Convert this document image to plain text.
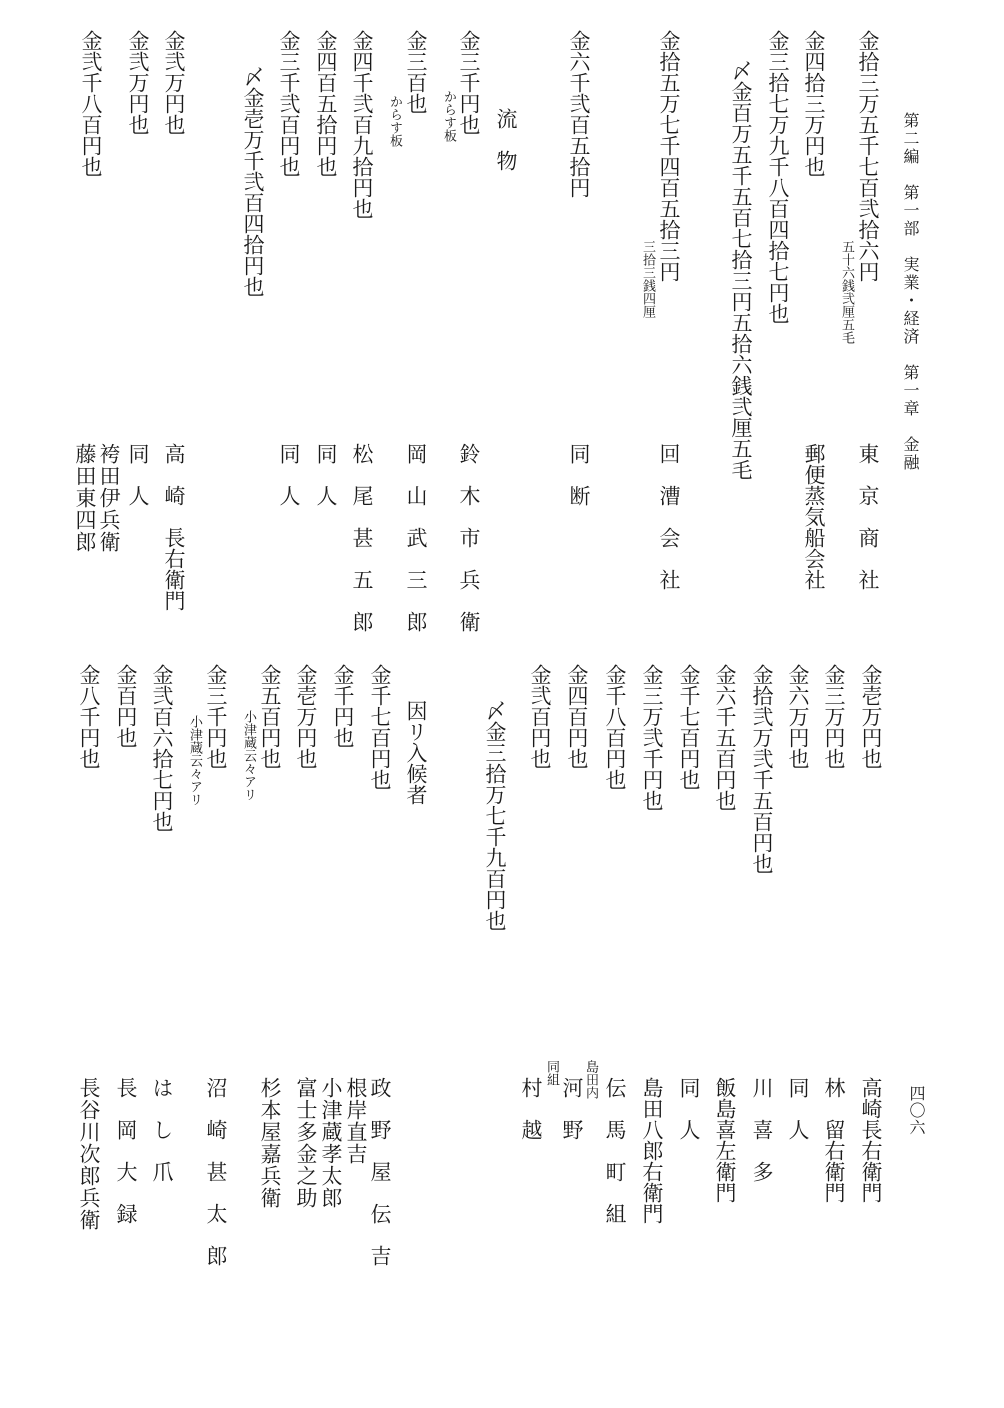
第二編　第一部　実業・経済　第一章　金融
四〇六
金拾三万五千七百弐拾六円
五十六銭弐厘五毛
金四拾三万円也
金三拾七万九千八百四拾七円也
〆金百万五千五百七拾三円五拾六銭弐厘五毛
金拾五万七千四百五拾三円
三拾三銭四厘
金六千弐百五拾円
流　物
金三千円也
からす板
金三百也
からす板
金四千弐百九拾円也
金四百五拾円也
金三千弐百円也
〆金壱万千弐百四拾円也
金弐万円也
金弐万円也
金弐千八百円也
東　京　商　社
郵便蒸気船会社
回　漕　会　社
同　断
鈴　木　市　兵　衛
岡　山　武　三　郎
松　尾　甚　五　郎
同　人
同　人
高　崎　長右衛門
同　人
袴田伊兵衛
藤田東四郎
金壱万円也
金三万円也
金六万円也
金拾弐万弐千五百円也
金六千五百円也
金千七百円也
金三万弐千円也
金千八百円也
金四百円也
金弐百円也
〆金三拾万七千九百円也
因リ入候者
金千七百円也
金千円也
金壱万円也
金五百円也
小津蔵云々アリ
金三千円也
小津蔵云々アリ
金弐百六拾七円也
金百円也
金八千円也
高崎長右衛門
林　留右衛門
同　人
川　喜　多
飯島喜左衛門
同　人
島田八郎右衛門
伝　馬　町　組
島田内
河　野
同組
村　越
政　野　屋　伝　吉
根岸直吉
小津蔵孝太郎
富士多金之助
杉本屋嘉兵衛
沼　崎　甚　太　郎
は　し　爪
長　岡　大　録
長谷川次郎兵衛
